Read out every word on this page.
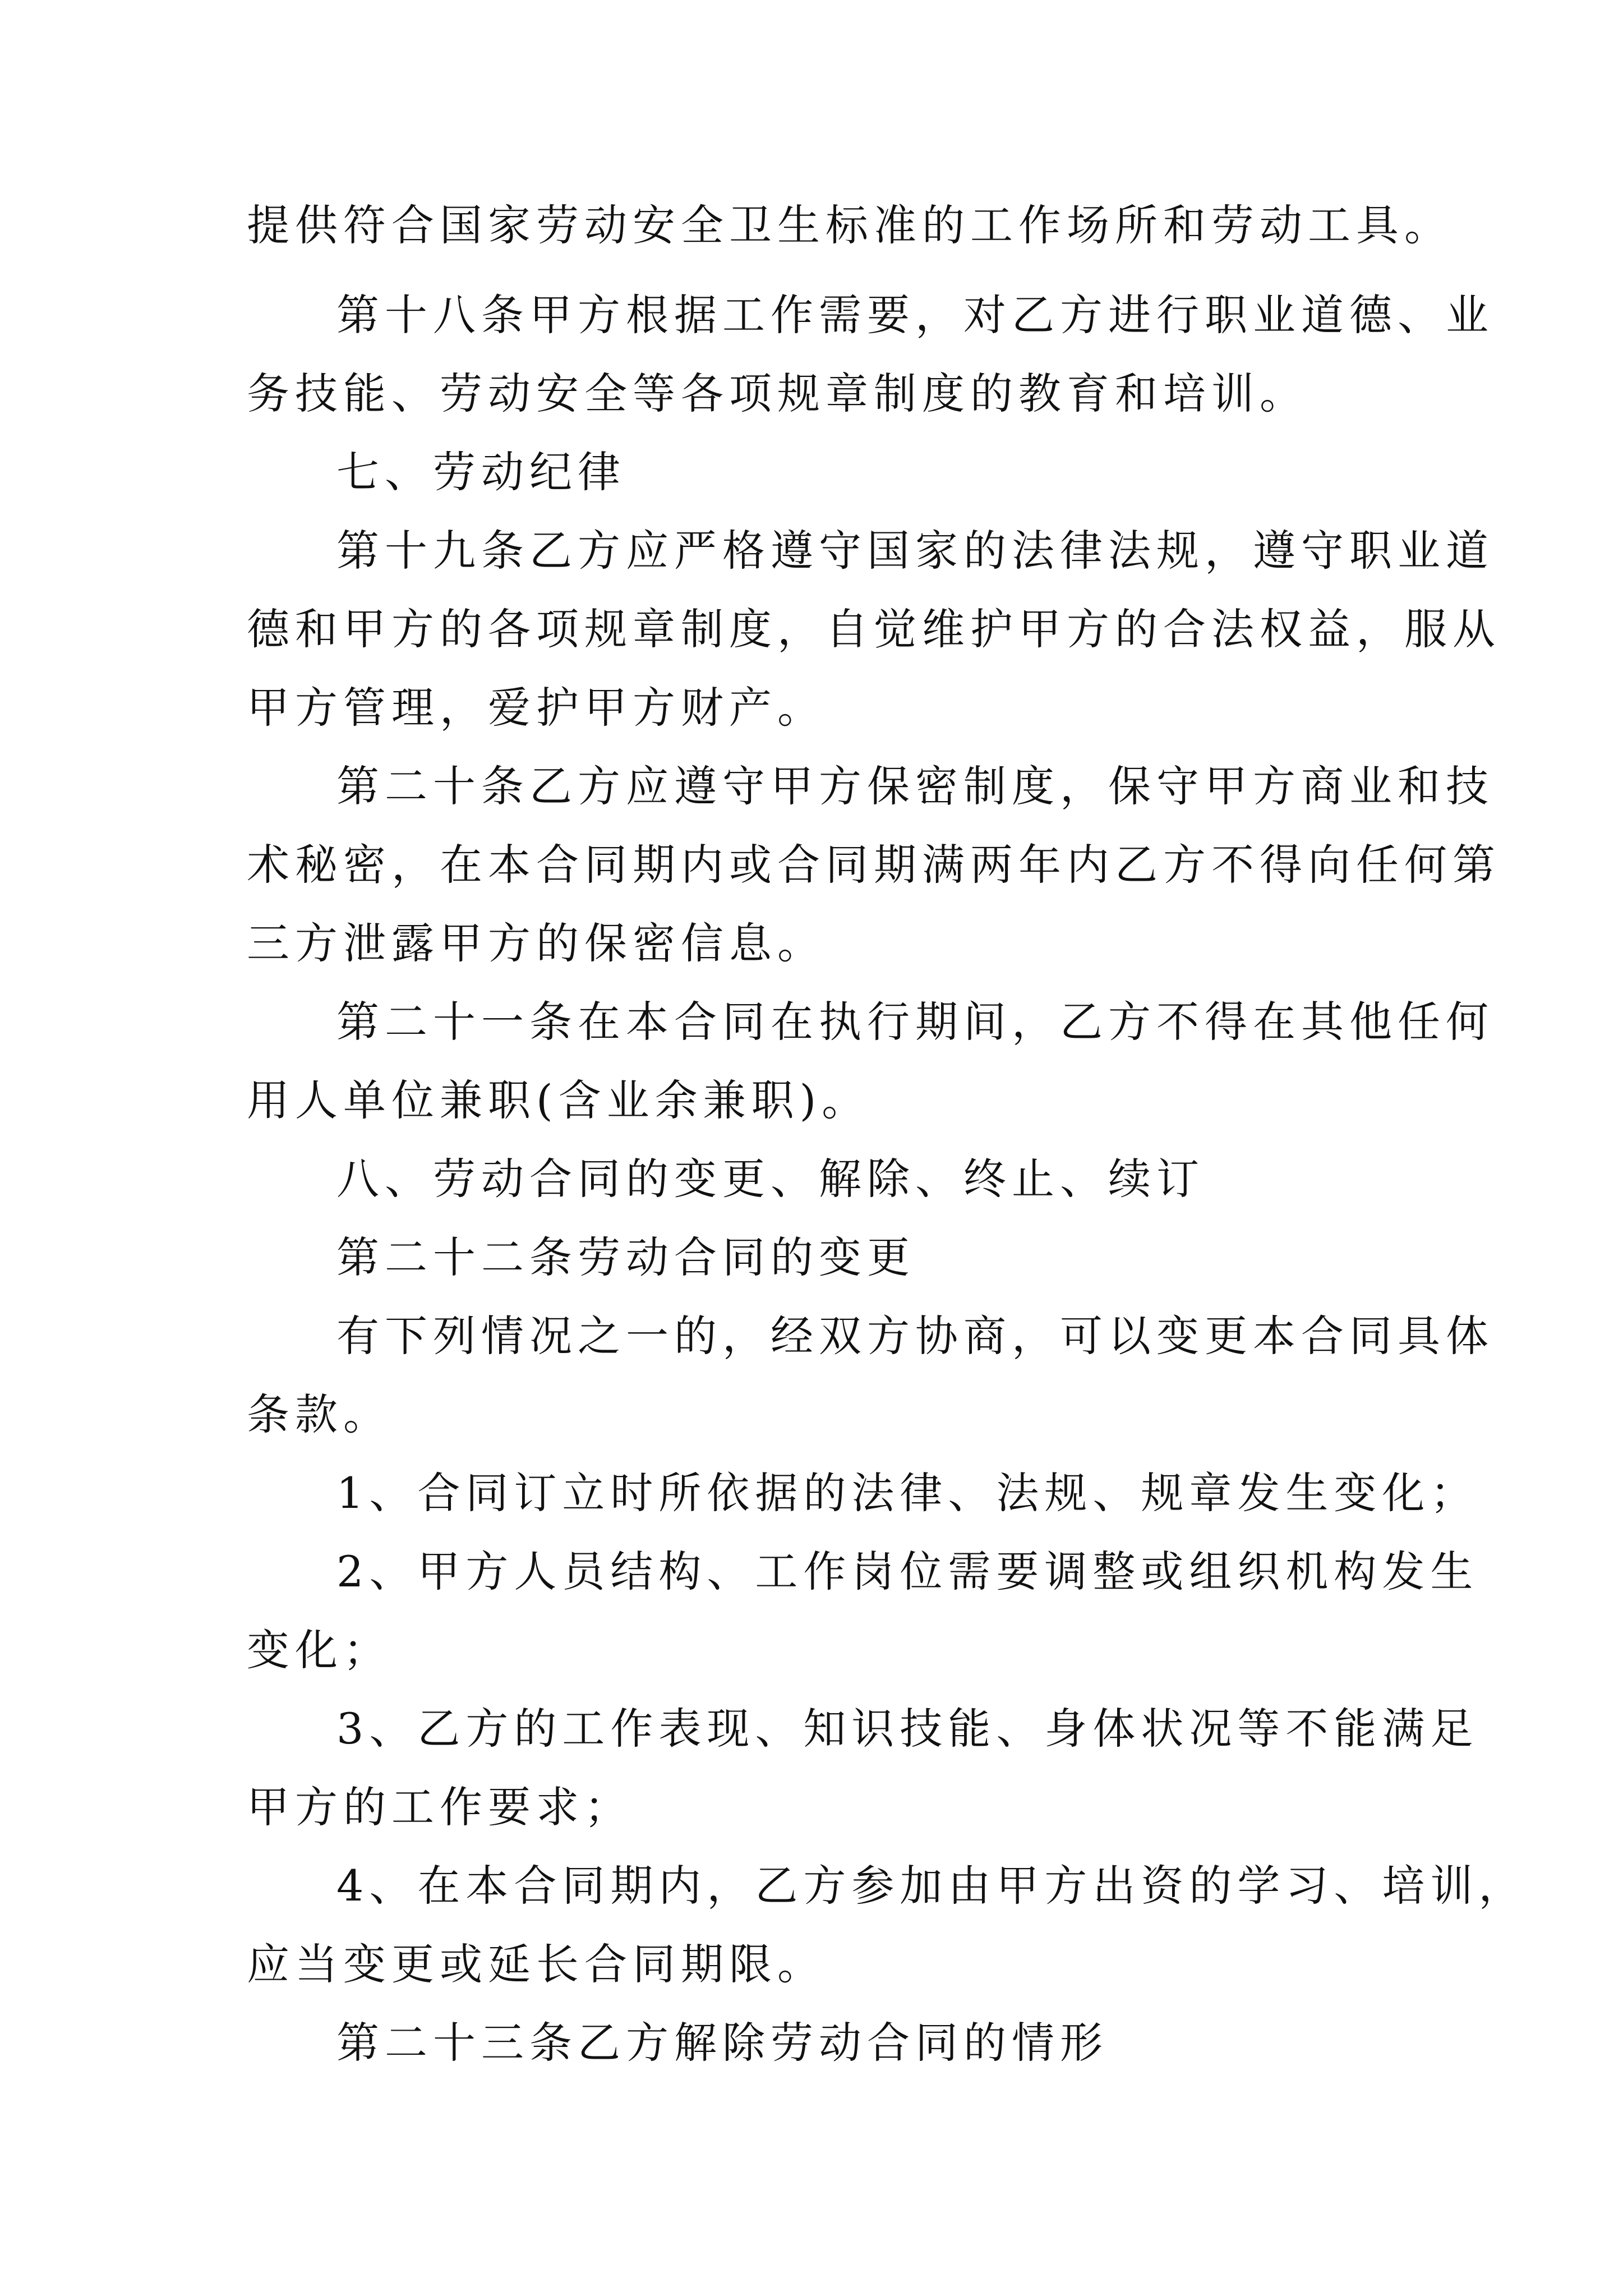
提供符合国家劳动安全卫生标准的工作场所和劳动工具。
第十八条甲方根据工作需要，对乙方进行职业道德、业
务技能、劳动安全等各项规章制度的教育和培训。
七、劳动纪律
第十九条乙方应严格遵守国家的法律法规，遵守职业道
德和甲方的各项规章制度，自觉维护甲方的合法权益，服从
甲方管理，爱护甲方财产。
第二十条乙方应遵守甲方保密制度，保守甲方商业和技
术秘密，在本合同期内或合同期满两年内乙方不得向任何第
三方泄露甲方的保密信息。
第二十一条在本合同在执行期间，乙方不得在其他任何
用人单位兼职(含业余兼职)。
八、劳动合同的变更、解除、终止、续订
第二十二条劳动合同的变更
有下列情况之一的，经双方协商，可以变更本合同具体
条款。
1、合同订立时所依据的法律、法规、规章发生变化；
2、甲方人员结构、工作岗位需要调整或组织机构发生
变化；
3、乙方的工作表现、知识技能、身体状况等不能满足
甲方的工作要求；
4、在本合同期内，乙方参加由甲方出资的学习、培训，
应当变更或延长合同期限。
第二十三条乙方解除劳动合同的情形
